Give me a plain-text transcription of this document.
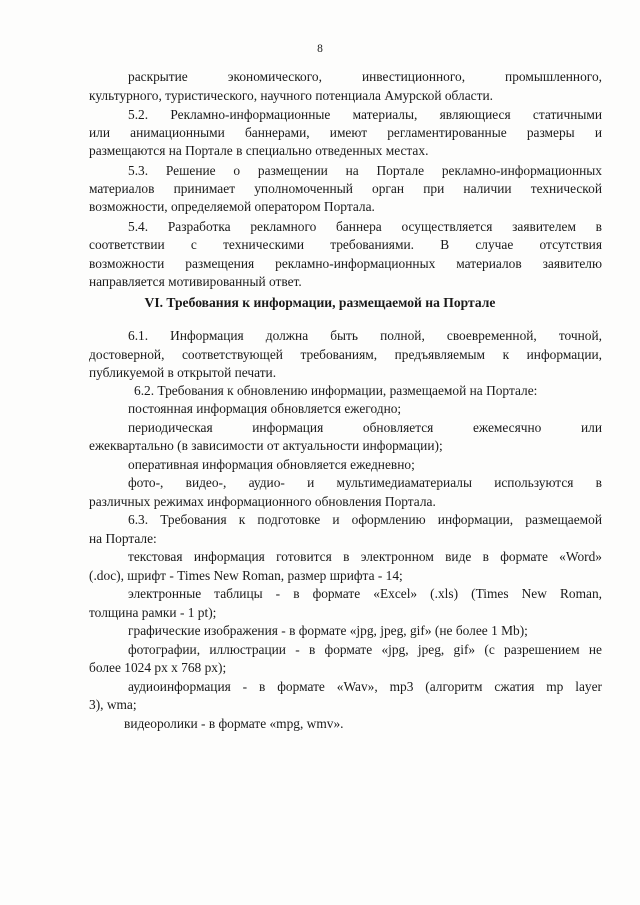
8
раскрытие экономического, инвестиционного, промышленного,
культурного, туристического, научного потенциала Амурской области.
5.2. Рекламно-информационные материалы, являющиеся статичными
или анимационными баннерами, имеют регламентированные размеры и
размещаются на Портале в специально отведенных местах.
5.3. Решение о размещении на Портале рекламно-информационных
материалов принимает уполномоченный орган при наличии технической
возможности, определяемой оператором Портала.
5.4. Разработка рекламного баннера осуществляется заявителем в
соответствии с техническими требованиями. В случае отсутствия
возможности размещения рекламно-информационных материалов заявителю
направляется мотивированный ответ.
VI. Требования к информации, размещаемой на Портале
6.1. Информация должна быть полной, своевременной, точной,
достоверной, соответствующей требованиям, предъявляемым к информации,
публикуемой в открытой печати.
6.2. Требования к обновлению информации, размещаемой на Портале:
постоянная информация обновляется ежегодно;
периодическая информация обновляется ежемесячно или
ежеквартально (в зависимости от актуальности информации);
оперативная информация обновляется ежедневно;
фото-, видео-, аудио- и мультимедиаматериалы используются в
различных режимах информационного обновления Портала.
6.3. Требования к подготовке и оформлению информации, размещаемой
на Портале:
текстовая информация готовится в электронном виде в формате «Word»
(.doc), шрифт - Times New Roman, размер шрифта - 14;
электронные таблицы - в формате «Excel» (.xls) (Times New Roman,
толщина рамки - 1 pt);
графические изображения - в формате «jpg, jpeg, gif» (не более 1 Mb);
фотографии, иллюстрации - в формате «jpg, jpeg, gif» (с разрешением не
более 1024 px x 768 px);
аудиоинформация - в формате «Wav», mp3 (алгоритм сжатия mp layer
3), wma;
видеоролики - в формате «mpg, wmv».
